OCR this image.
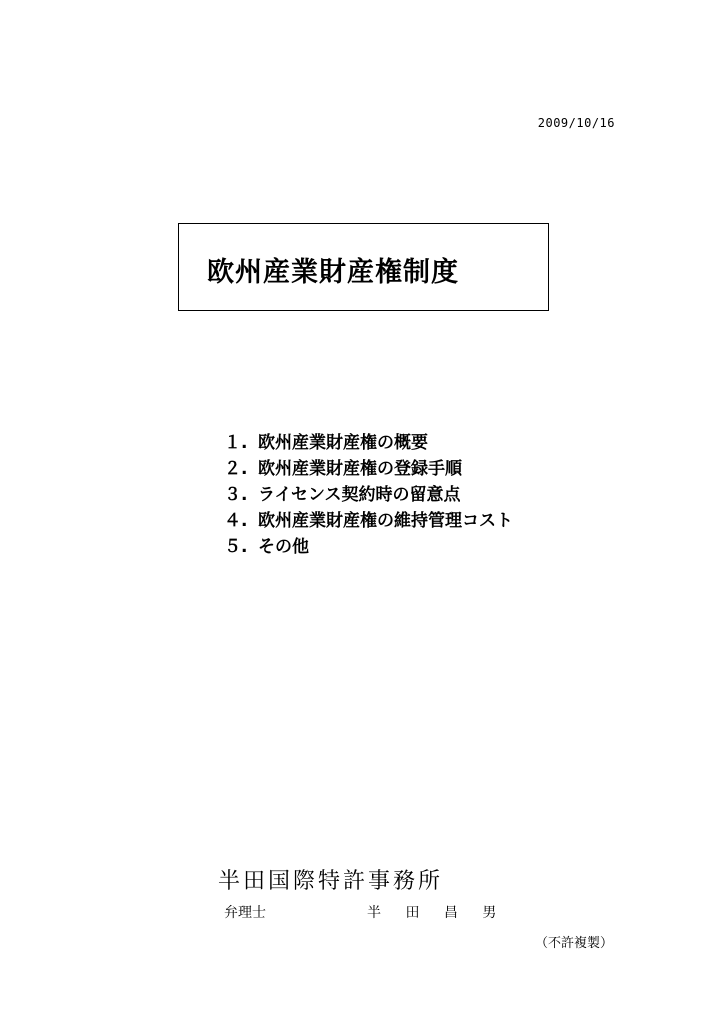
2009/10/16
欧州産業財産権制度
１. 欧州産業財産権の概要
２. 欧州産業財産権の登録手順
３. ライセンス契約時の留意点
４. 欧州産業財産権の維持管理コスト
５. その他
半田国際特許事務所
弁理士	半 田 昌 男
（不許複製）
